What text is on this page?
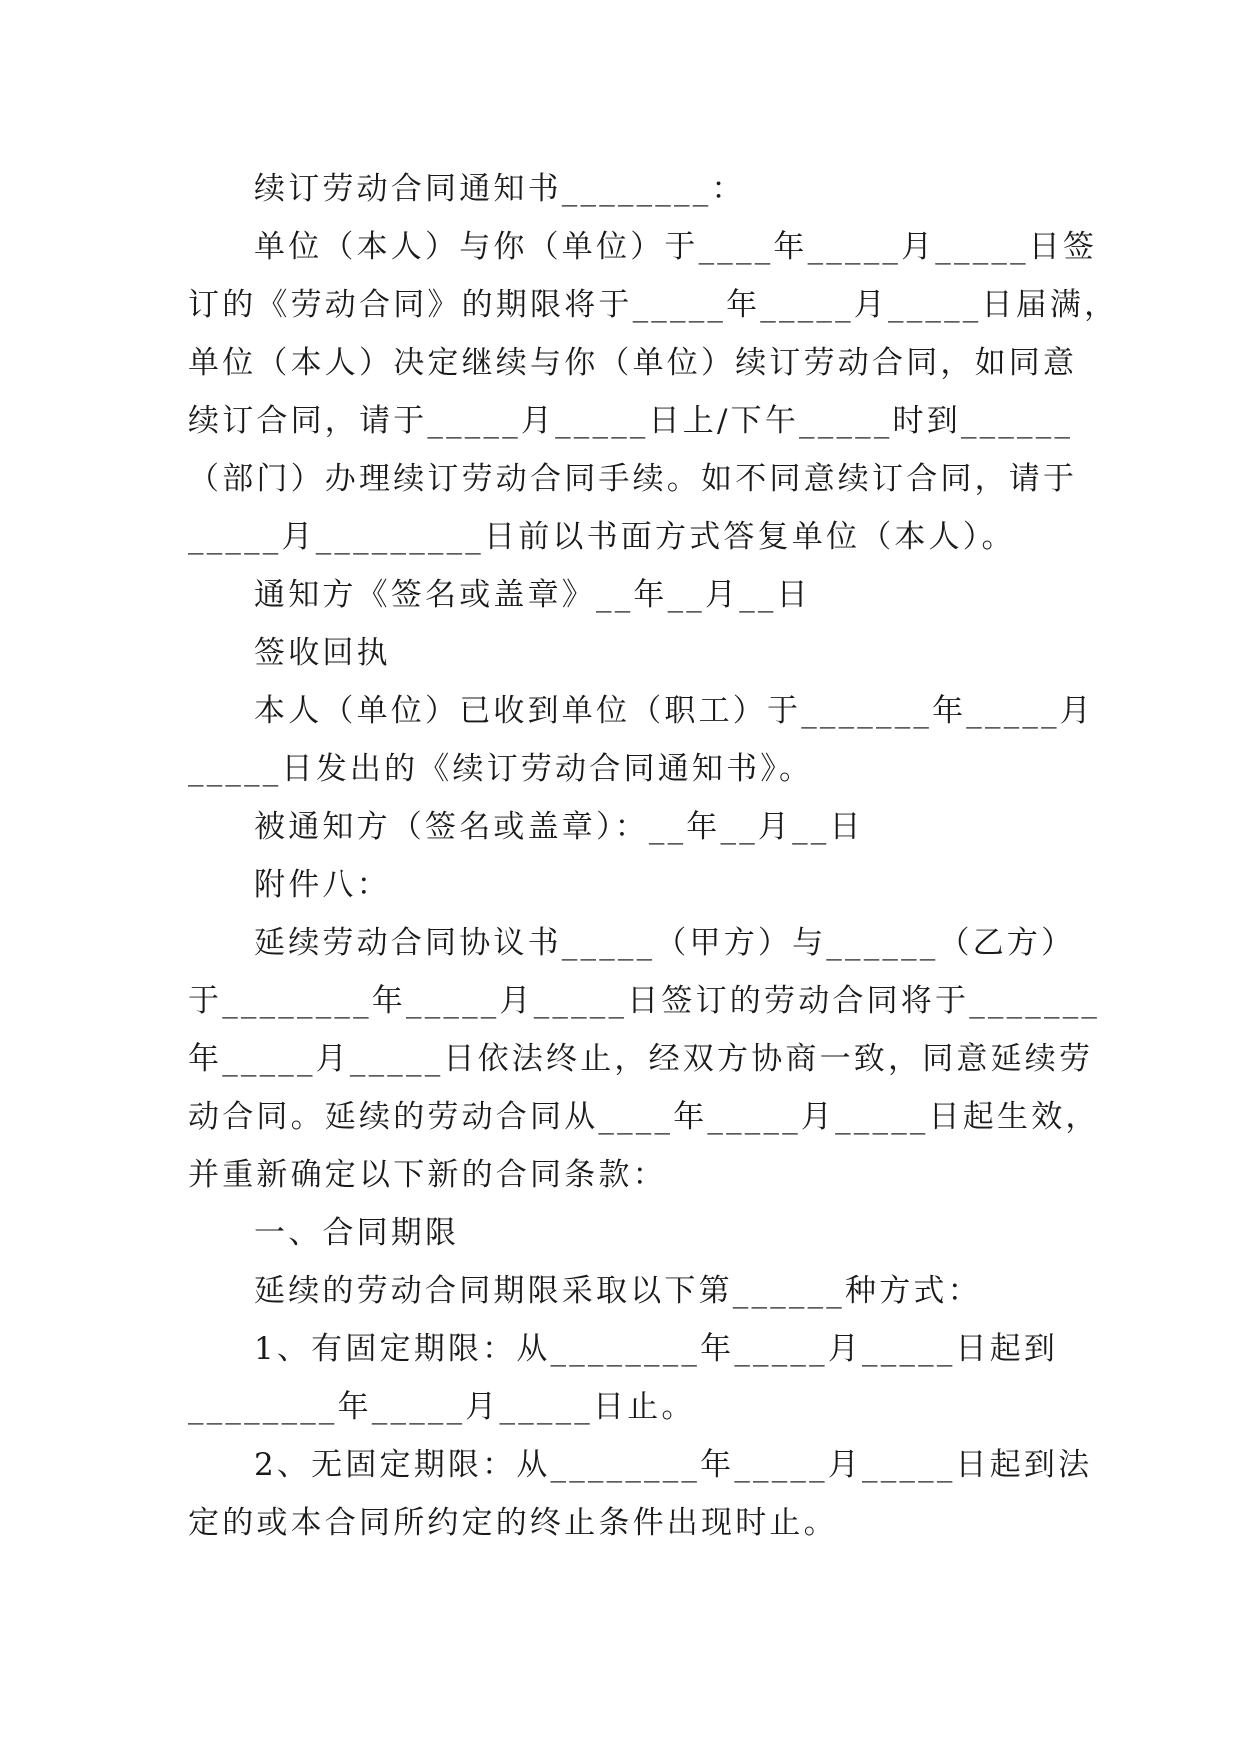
续订劳动合同通知书________：
单位（本人）与你（单位）于____年_____月_____日签
订的《劳动合同》的期限将于_____年_____月_____日届满，
单位（本人）决定继续与你（单位）续订劳动合同，如同意
续订合同，请于_____月_____日上/下午_____时到______
（部门）办理续订劳动合同手续。如不同意续订合同，请于
_____月_________日前以书面方式答复单位（本人）。
通知方《签名或盖章》__年__月__日
签收回执
本人（单位）已收到单位（职工）于_______年_____月
_____日发出的《续订劳动合同通知书》。
被通知方（签名或盖章）：__年__月__日
附件八：
延续劳动合同协议书_____（甲方）与______（乙方）
于________年_____月_____日签订的劳动合同将于_______
年_____月_____日依法终止，经双方协商一致，同意延续劳
动合同。延续的劳动合同从____年_____月_____日起生效，
并重新确定以下新的合同条款：
一、合同期限
延续的劳动合同期限采取以下第______种方式：
1、有固定期限：从________年_____月_____日起到
________年_____月_____日止。
2、无固定期限：从________年_____月_____日起到法
定的或本合同所约定的终止条件出现时止。
